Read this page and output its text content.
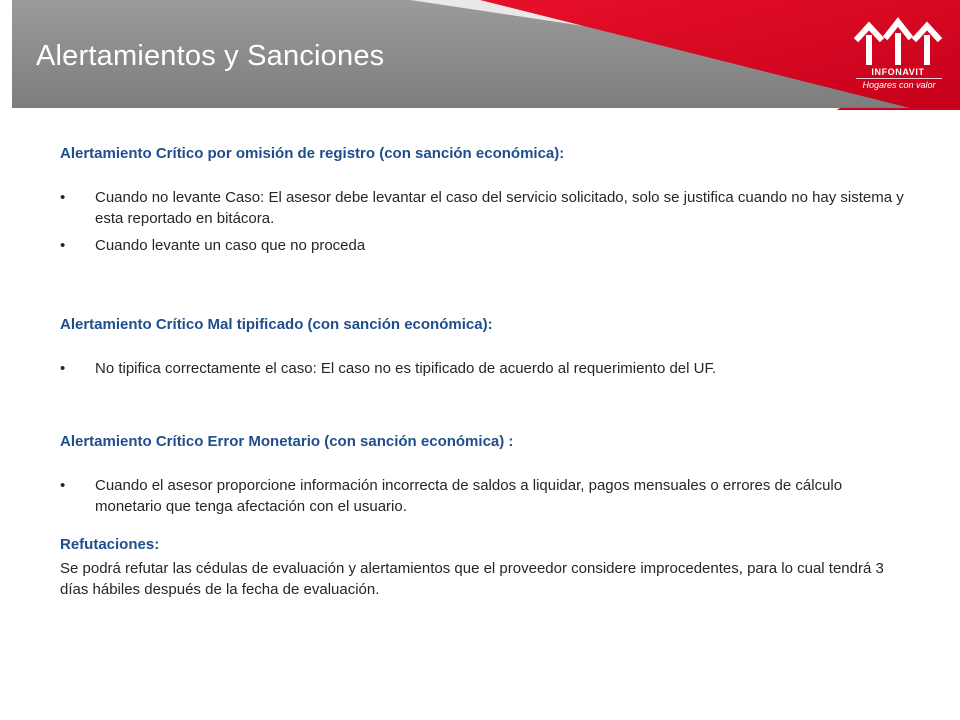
Alertamientos y Sanciones	INFONAVIT
Hogares con valor

Alertamiento Crítico por omisión de registro (con sanción económica):

• Cuando no levante Caso: El asesor debe levantar el caso del servicio solicitado, solo se justifica cuando no hay sistema y esta reportado en bitácora.
• Cuando levante un caso que no proceda

Alertamiento Crítico Mal tipificado (con sanción económica):

• No tipifica correctamente el caso: El caso no es tipificado de acuerdo al requerimiento del UF.

Alertamiento Crítico Error Monetario (con sanción económica) :

• Cuando el asesor proporcione información incorrecta de saldos a liquidar, pagos mensuales o errores de cálculo monetario que tenga afectación con el usuario.

Refutaciones:

Se podrá refutar las cédulas de evaluación y alertamientos que el proveedor considere improcedentes, para lo cual tendrá 3 días hábiles después de la fecha de evaluación.
